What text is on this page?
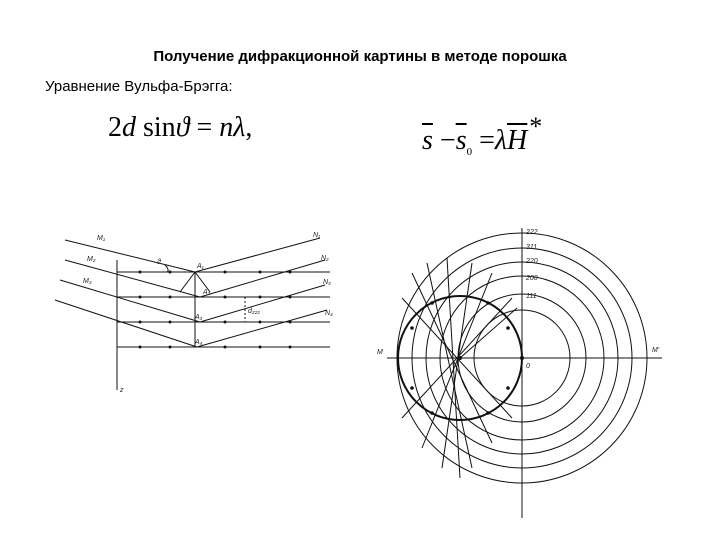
Получение дифракционной картины в методе порошка
Уравнение Вульфа-Брэгга:
2d sinϑ = nλ,	$\overline{s} -\overline{s}_0 =\lambda\overline{H}*$
M₁
M₂
M₃
N₁
N₂
N₃
N₄
A₁
A₂
A₃
A₄
ϑ
d₂₂₂
z
M	M'
0
222
311
220
200
111
